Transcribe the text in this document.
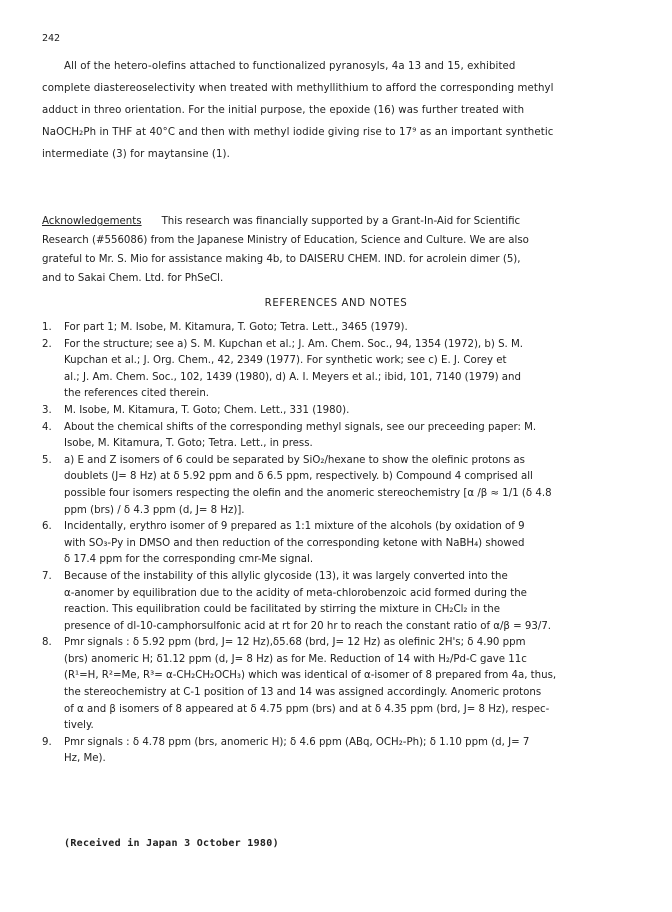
242
All of the hetero-olefins attached to functionalized pyranosyls, 4a 13 and 15, exhibited
complete diastereoselectivity when treated with methyllithium to afford the corresponding methyl
adduct in threo orientation. For the initial purpose, the epoxide (16) was further treated with
NaOCH₂Ph in THF at 40°C and then with methyl iodide giving rise to 17⁹ as an important synthetic
intermediate (3) for maytansine (1).
Acknowledgements This research was financially supported by a Grant-In-Aid for Scientific
Research (#556086) from the Japanese Ministry of Education, Science and Culture. We are also
grateful to Mr. S. Mio for assistance making 4b, to DAISERU CHEM. IND. for acrolein dimer (5),
and to Sakai Chem. Ltd. for PhSeCl.
REFERENCES AND NOTES
1. For part 1; M. Isobe, M. Kitamura, T. Goto; Tetra. Lett., 3465 (1979).
2. For the structure; see a) S. M. Kupchan et al.; J. Am. Chem. Soc., 94, 1354 (1972), b) S. M.
Kupchan et al.; J. Org. Chem., 42, 2349 (1977). For synthetic work; see c) E. J. Corey et
al.; J. Am. Chem. Soc., 102, 1439 (1980), d) A. I. Meyers et al.; ibid, 101, 7140 (1979) and
the references cited therein.
3. M. Isobe, M. Kitamura, T. Goto; Chem. Lett., 331 (1980).
4. About the chemical shifts of the corresponding methyl signals, see our preceeding paper: M.
Isobe, M. Kitamura, T. Goto; Tetra. Lett., in press.
5. a) E and Z isomers of 6 could be separated by SiO₂/hexane to show the olefinic protons as
doublets (J= 8 Hz) at δ 5.92 ppm and δ 6.5 ppm, respectively. b) Compound 4 comprised all
possible four isomers respecting the olefin and the anomeric stereochemistry [α /β ≈ 1/1 (δ 4.8
ppm (brs) / δ 4.3 ppm (d, J= 8 Hz)].
6. Incidentally, erythro isomer of 9 prepared as 1:1 mixture of the alcohols (by oxidation of 9
with SO₃-Py in DMSO and then reduction of the corresponding ketone with NaBH₄) showed
δ 17.4 ppm for the corresponding cmr-Me signal.
7. Because of the instability of this allylic glycoside (13), it was largely converted into the
α-anomer by equilibration due to the acidity of meta-chlorobenzoic acid formed during the
reaction. This equilibration could be facilitated by stirring the mixture in CH₂Cl₂ in the
presence of dl-10-camphorsulfonic acid at rt for 20 hr to reach the constant ratio of α/β = 93/7.
8. Pmr signals : δ 5.92 ppm (brd, J= 12 Hz),δ5.68 (brd, J= 12 Hz) as olefinic 2H's; δ 4.90 ppm
(brs) anomeric H; δ1.12 ppm (d, J= 8 Hz) as for Me. Reduction of 14 with H₂/Pd-C gave 11c
(R¹=H, R²=Me, R³= α-CH₂CH₂OCH₃) which was identical of α-isomer of 8 prepared from 4a, thus,
the stereochemistry at C-1 position of 13 and 14 was assigned accordingly. Anomeric protons
of α and β isomers of 8 appeared at δ 4.75 ppm (brs) and at δ 4.35 ppm (brd, J= 8 Hz), respec-
tively.
9. Pmr signals : δ 4.78 ppm (brs, anomeric H); δ 4.6 ppm (ABq, OCH₂-Ph); δ 1.10 ppm (d, J= 7
Hz, Me).
(Received in Japan 3 October 1980)
